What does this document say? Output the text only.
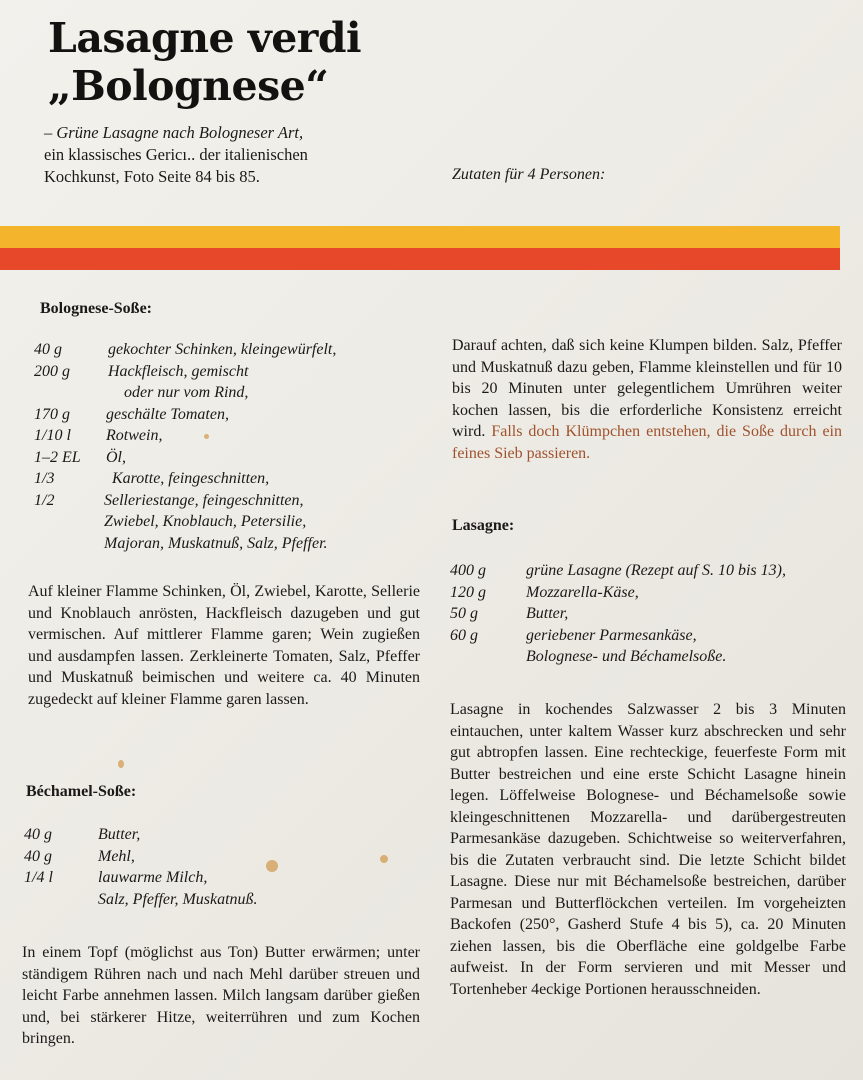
Lasagne verdi
„Bolognese“
– Grüne Lasagne nach Bologneser Art,
ein klassisches Gericı.. der italienischen
Kochkunst, Foto Seite 84 bis 85.	Zutaten für 4 Personen:
Bolognese-Soße:
40 g	gekochter Schinken, kleingewürfelt,
200 g	Hackfleisch, gemischt
oder nur vom Rind,
170 g	geschälte Tomaten,
1/10 l	Rotwein,
1–2 EL	Öl,
1/3	Karotte, feingeschnitten,
1/2	Selleriestange, feingeschnitten,
Zwiebel, Knoblauch, Petersilie,
Majoran, Muskatnuß, Salz, Pfeffer.

Auf kleiner Flamme Schinken, Öl, Zwiebel, Karotte, Sellerie und Knoblauch anrösten, Hackfleisch dazugeben und gut vermischen. Auf mittlerer Flamme garen; Wein zugießen und ausdampfen lassen. Zerkleinerte Tomaten, Salz, Pfeffer und Muskatnuß beimischen und weitere ca. 40 Minuten zugedeckt auf kleiner Flamme garen lassen.

Béchamel-Soße:
40 g	Butter,
40 g	Mehl,
1/4 l	lauwarme Milch,
Salz, Pfeffer, Muskatnuß.

In einem Topf (möglichst aus Ton) Butter erwärmen; unter ständigem Rühren nach und nach Mehl darüber streuen und leicht Farbe annehmen lassen. Milch langsam darüber gießen und, bei stärkerer Hitze, weiterrühren und zum Kochen bringen.

Darauf achten, daß sich keine Klumpen bilden. Salz, Pfeffer und Muskatnuß dazu geben, Flamme kleinstellen und für 10 bis 20 Minuten unter gelegentlichem Umrühren weiter kochen lassen, bis die erforderliche Konsistenz erreicht wird. Falls doch Klümpchen entstehen, die Soße durch ein feines Sieb passieren.

Lasagne:
400 g	grüne Lasagne (Rezept auf S. 10 bis 13),
120 g	Mozzarella-Käse,
50 g	Butter,
60 g	geriebener Parmesankäse,
Bolognese- und Béchamelsoße.

Lasagne in kochendes Salzwasser 2 bis 3 Minuten eintauchen, unter kaltem Wasser kurz abschrecken und sehr gut abtropfen lassen. Eine rechteckige, feuerfeste Form mit Butter bestreichen und eine erste Schicht Lasagne hinein legen. Löffelweise Bolognese- und Béchamelsoße sowie kleingeschnittenen Mozzarella- und darübergestreuten Parmesankäse dazugeben. Schichtweise so weiterverfahren, bis die Zutaten verbraucht sind. Die letzte Schicht bildet Lasagne. Diese nur mit Béchamelsoße bestreichen, darüber Parmesan und Butterflöckchen verteilen. Im vorgeheizten Backofen (250°, Gasherd Stufe 4 bis 5), ca. 20 Minuten ziehen lassen, bis die Oberfläche eine goldgelbe Farbe aufweist. In der Form servieren und mit Messer und Tortenheber 4eckige Portionen herausschneiden.
